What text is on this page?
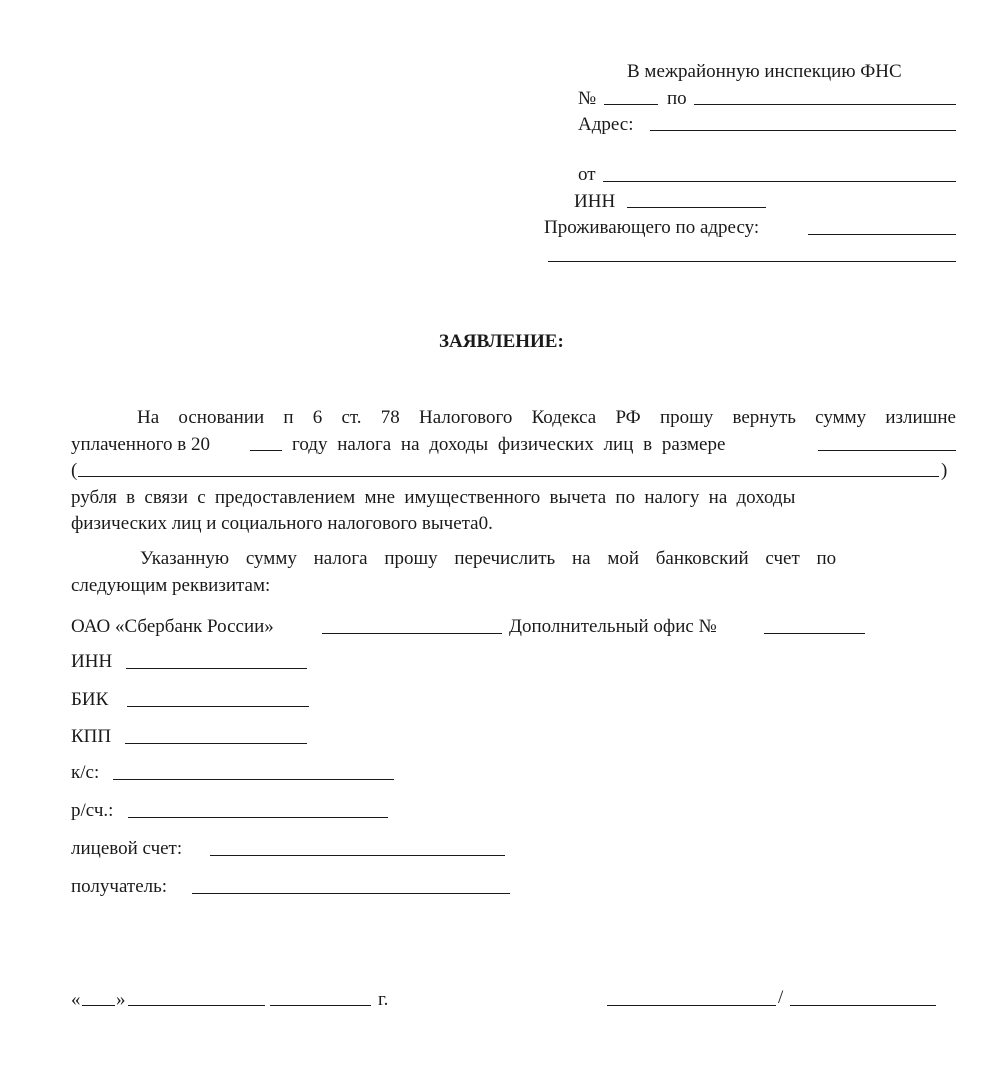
В межрайонную инспекцию ФНС
№	по
Адрес:
от
ИНН
Проживающего по адресу:
ЗАЯВЛЕНИЕ:
На основании п 6 ст. 78 Налогового Кодекса РФ прошу вернуть сумму излишне
уплаченного в 20	году налога на доходы физических лиц в размере
(	)
рубля в связи с предоставлением мне имущественного вычета по налогу на доходы
физических лиц и социального налогового вычета0.
Указанную сумму налога прошу перечислить на мой банковский счет по
следующим реквизитам:
ОАО «Сбербанк России»	Дополнительный офис №
ИНН
БИК
КПП
к/с:
р/сч.:
лицевой счет:
получатель:
« »	г.	/
